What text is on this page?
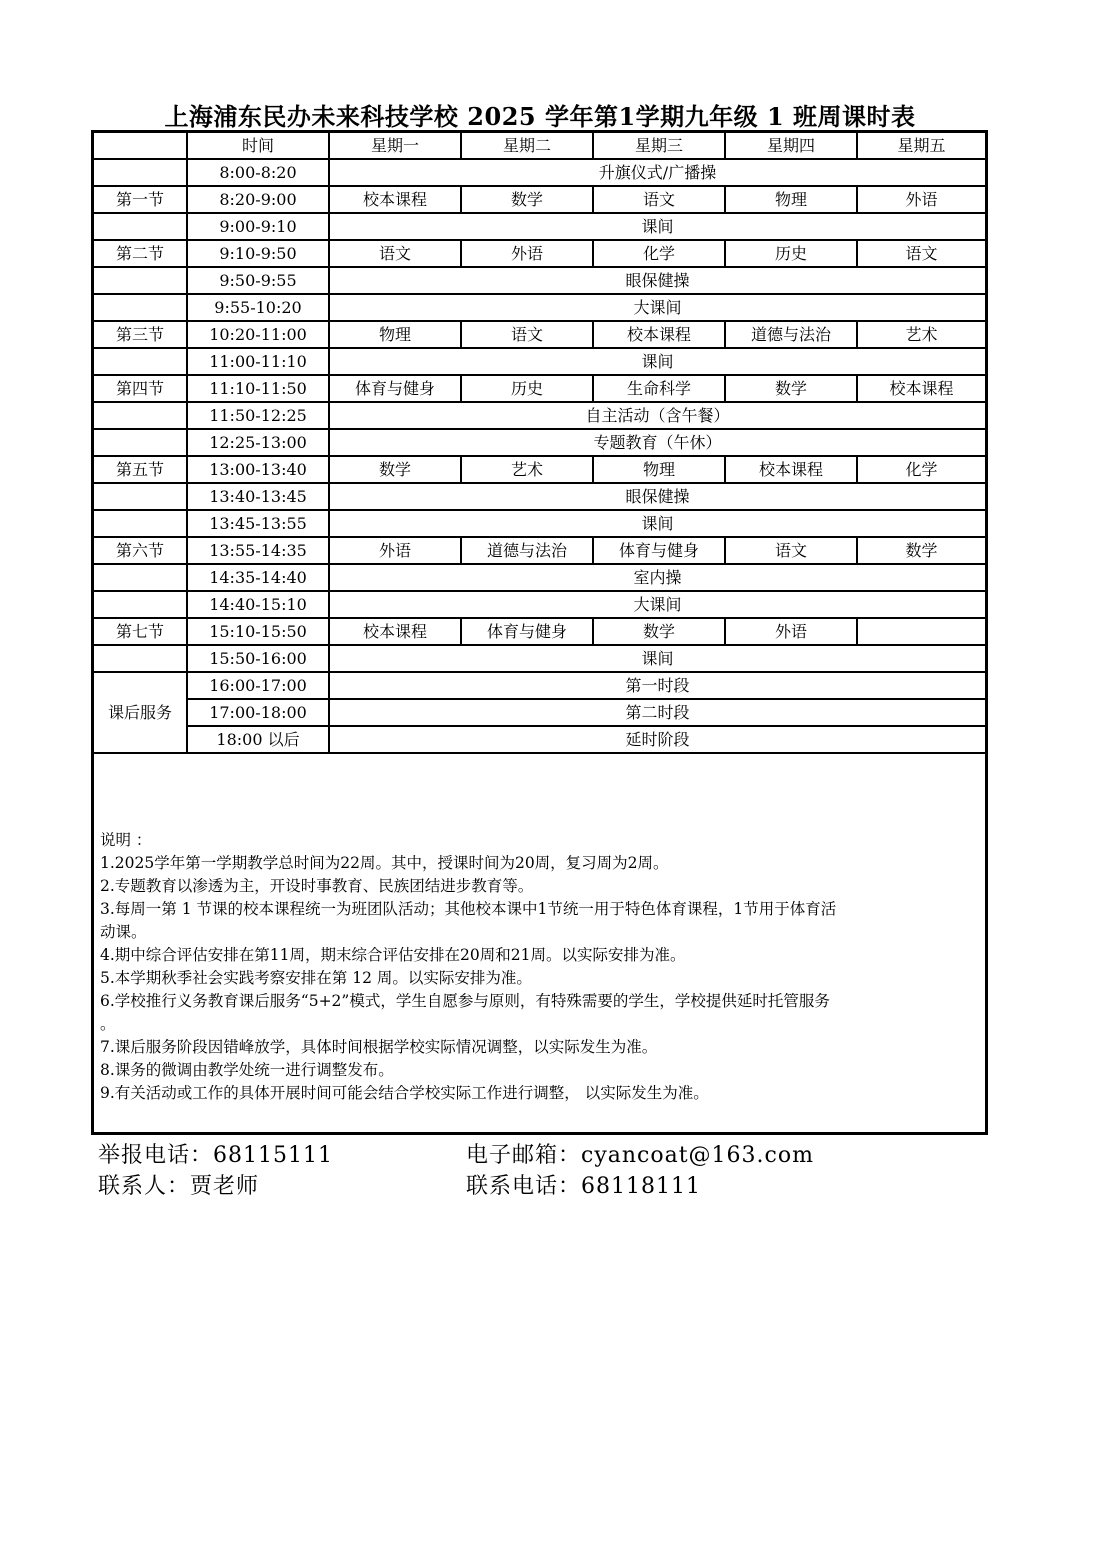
上海浦东民办未来科技学校 2025 学年第1学期九年级 1 班周课时表
	时间	星期一	星期二	星期三	星期四	星期五
	8:00-8:20	升旗仪式/广播操				
第一节	8:20-9:00	校本课程	数学	语文	物理	外语
	9:00-9:10	课间				
第二节	9:10-9:50	语文	外语	化学	历史	语文
	9:50-9:55	眼保健操				
	9:55-10:20	大课间				
第三节	10:20-11:00	物理	语文	校本课程	道德与法治	艺术
	11:00-11:10	课间				
第四节	11:10-11:50	体育与健身	历史	生命科学	数学	校本课程
	11:50-12:25	自主活动（含午餐）				
	12:25-13:00	专题教育（午休）				
第五节	13:00-13:40	数学	艺术	物理	校本课程	化学
	13:40-13:45	眼保健操				
	13:45-13:55	课间				
第六节	13:55-14:35	外语	道德与法治	体育与健身	语文	数学
	14:35-14:40	室内操				
	14:40-15:10	大课间				
第七节	15:10-15:50	校本课程	体育与健身	数学	外语	
	15:50-16:00	课间				
课后服务	16:00-17:00	第一时段				
	17:00-18:00	第二时段				
	18:00 以后	延时阶段				
说明 ：
1.2025学年第一学期教学总时间为22周。其中，授课时间为20周，复习周为2周。
2.专题教育以渗透为主，开设时事教育、民族团结进步教育等。
3.每周一第 1 节课的校本课程统一为班团队活动；其他校本课中1节统一用于特色体育课程，1节用于体育活
动课。
4.期中综合评估安排在第11周，期末综合评估安排在20周和21周。以实际安排为准。
5.本学期秋季社会实践考察安排在第 12 周。以实际安排为准。
6.学校推行义务教育课后服务“5+2”模式，学生自愿参与原则，有特殊需要的学生，学校提供延时托管服务
。
7.课后服务阶段因错峰放学，具体时间根据学校实际情况调整，以实际发生为准。
8.课务的微调由教学处统一进行调整发布。
9.有关活动或工作的具体开展时间可能会结合学校实际工作进行调整， 以实际发生为准。
举报电话：68115111	电子邮箱：cyancoat@163.com
联系人：贾老师	联系电话：68118111
